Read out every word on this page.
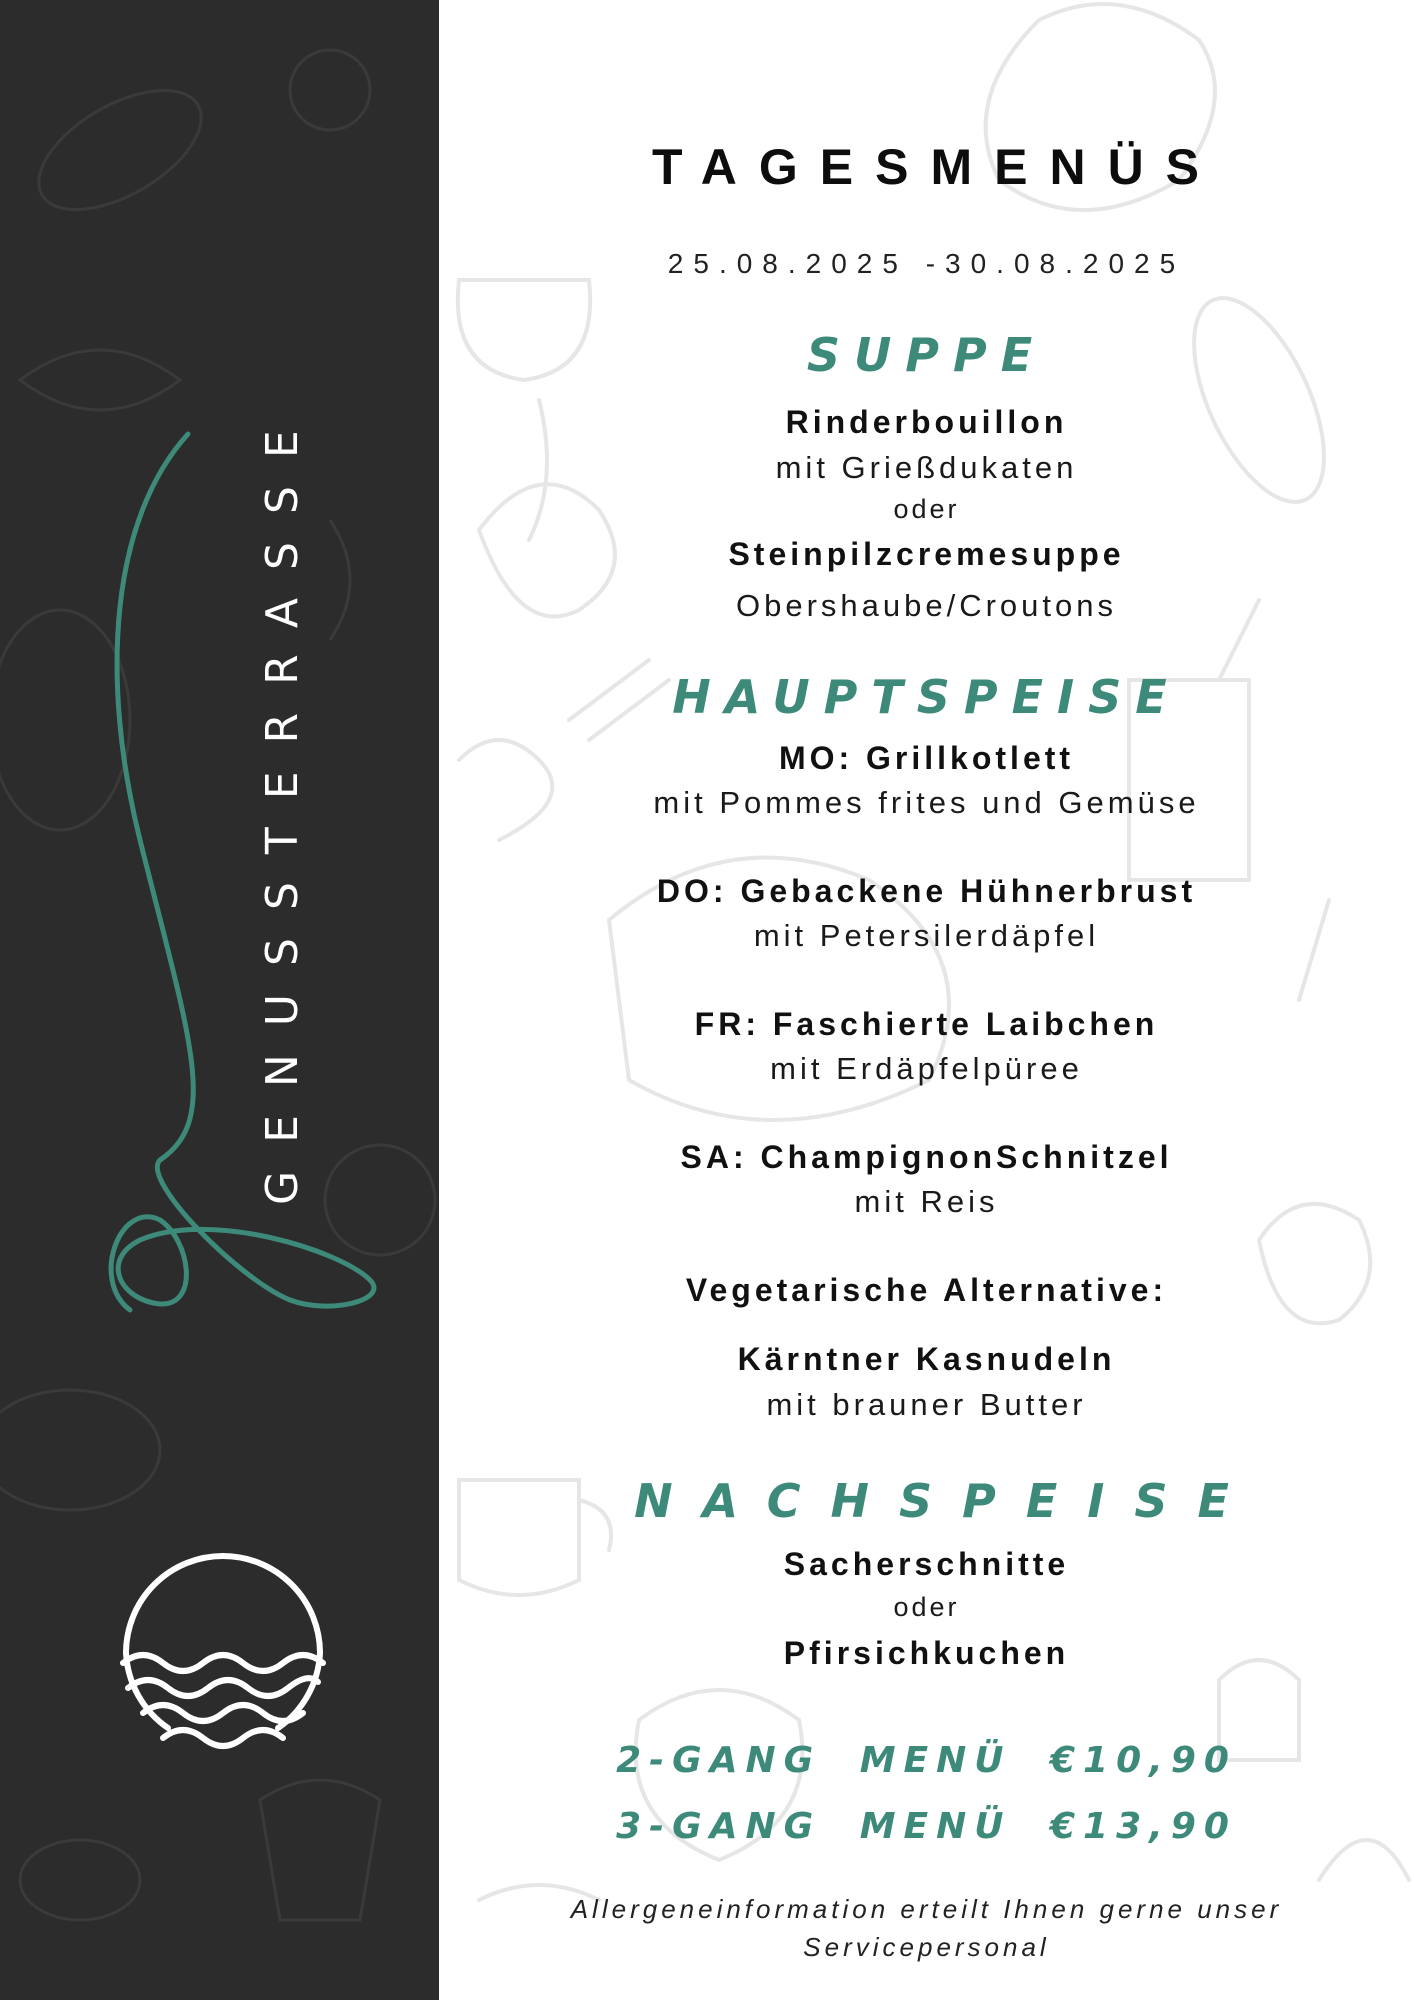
GENUSSTERRASSE
TAGESMENÜS
25.08.2025 -30.08.2025
SUPPE
Rinderbouillon
mit Grießdukaten
oder
Steinpilzcremesuppe
Obershaube/Croutons
HAUPTSPEISE
MO: Grillkotlett
mit Pommes frites und Gemüse
DO: Gebackene Hühnerbrust
mit Petersilerdäpfel
FR: Faschierte Laibchen
mit Erdäpfelpüree
SA: ChampignonSchnitzel
mit Reis
Vegetarische Alternative:
Kärntner Kasnudeln
mit brauner Butter
NACHSPEISE
Sacherschnitte
oder
Pfirsichkuchen
2-GANG MENÜ €10,90
3-GANG MENÜ €13,90
Allergeneinformation erteilt Ihnen gerne unser
Servicepersonal
